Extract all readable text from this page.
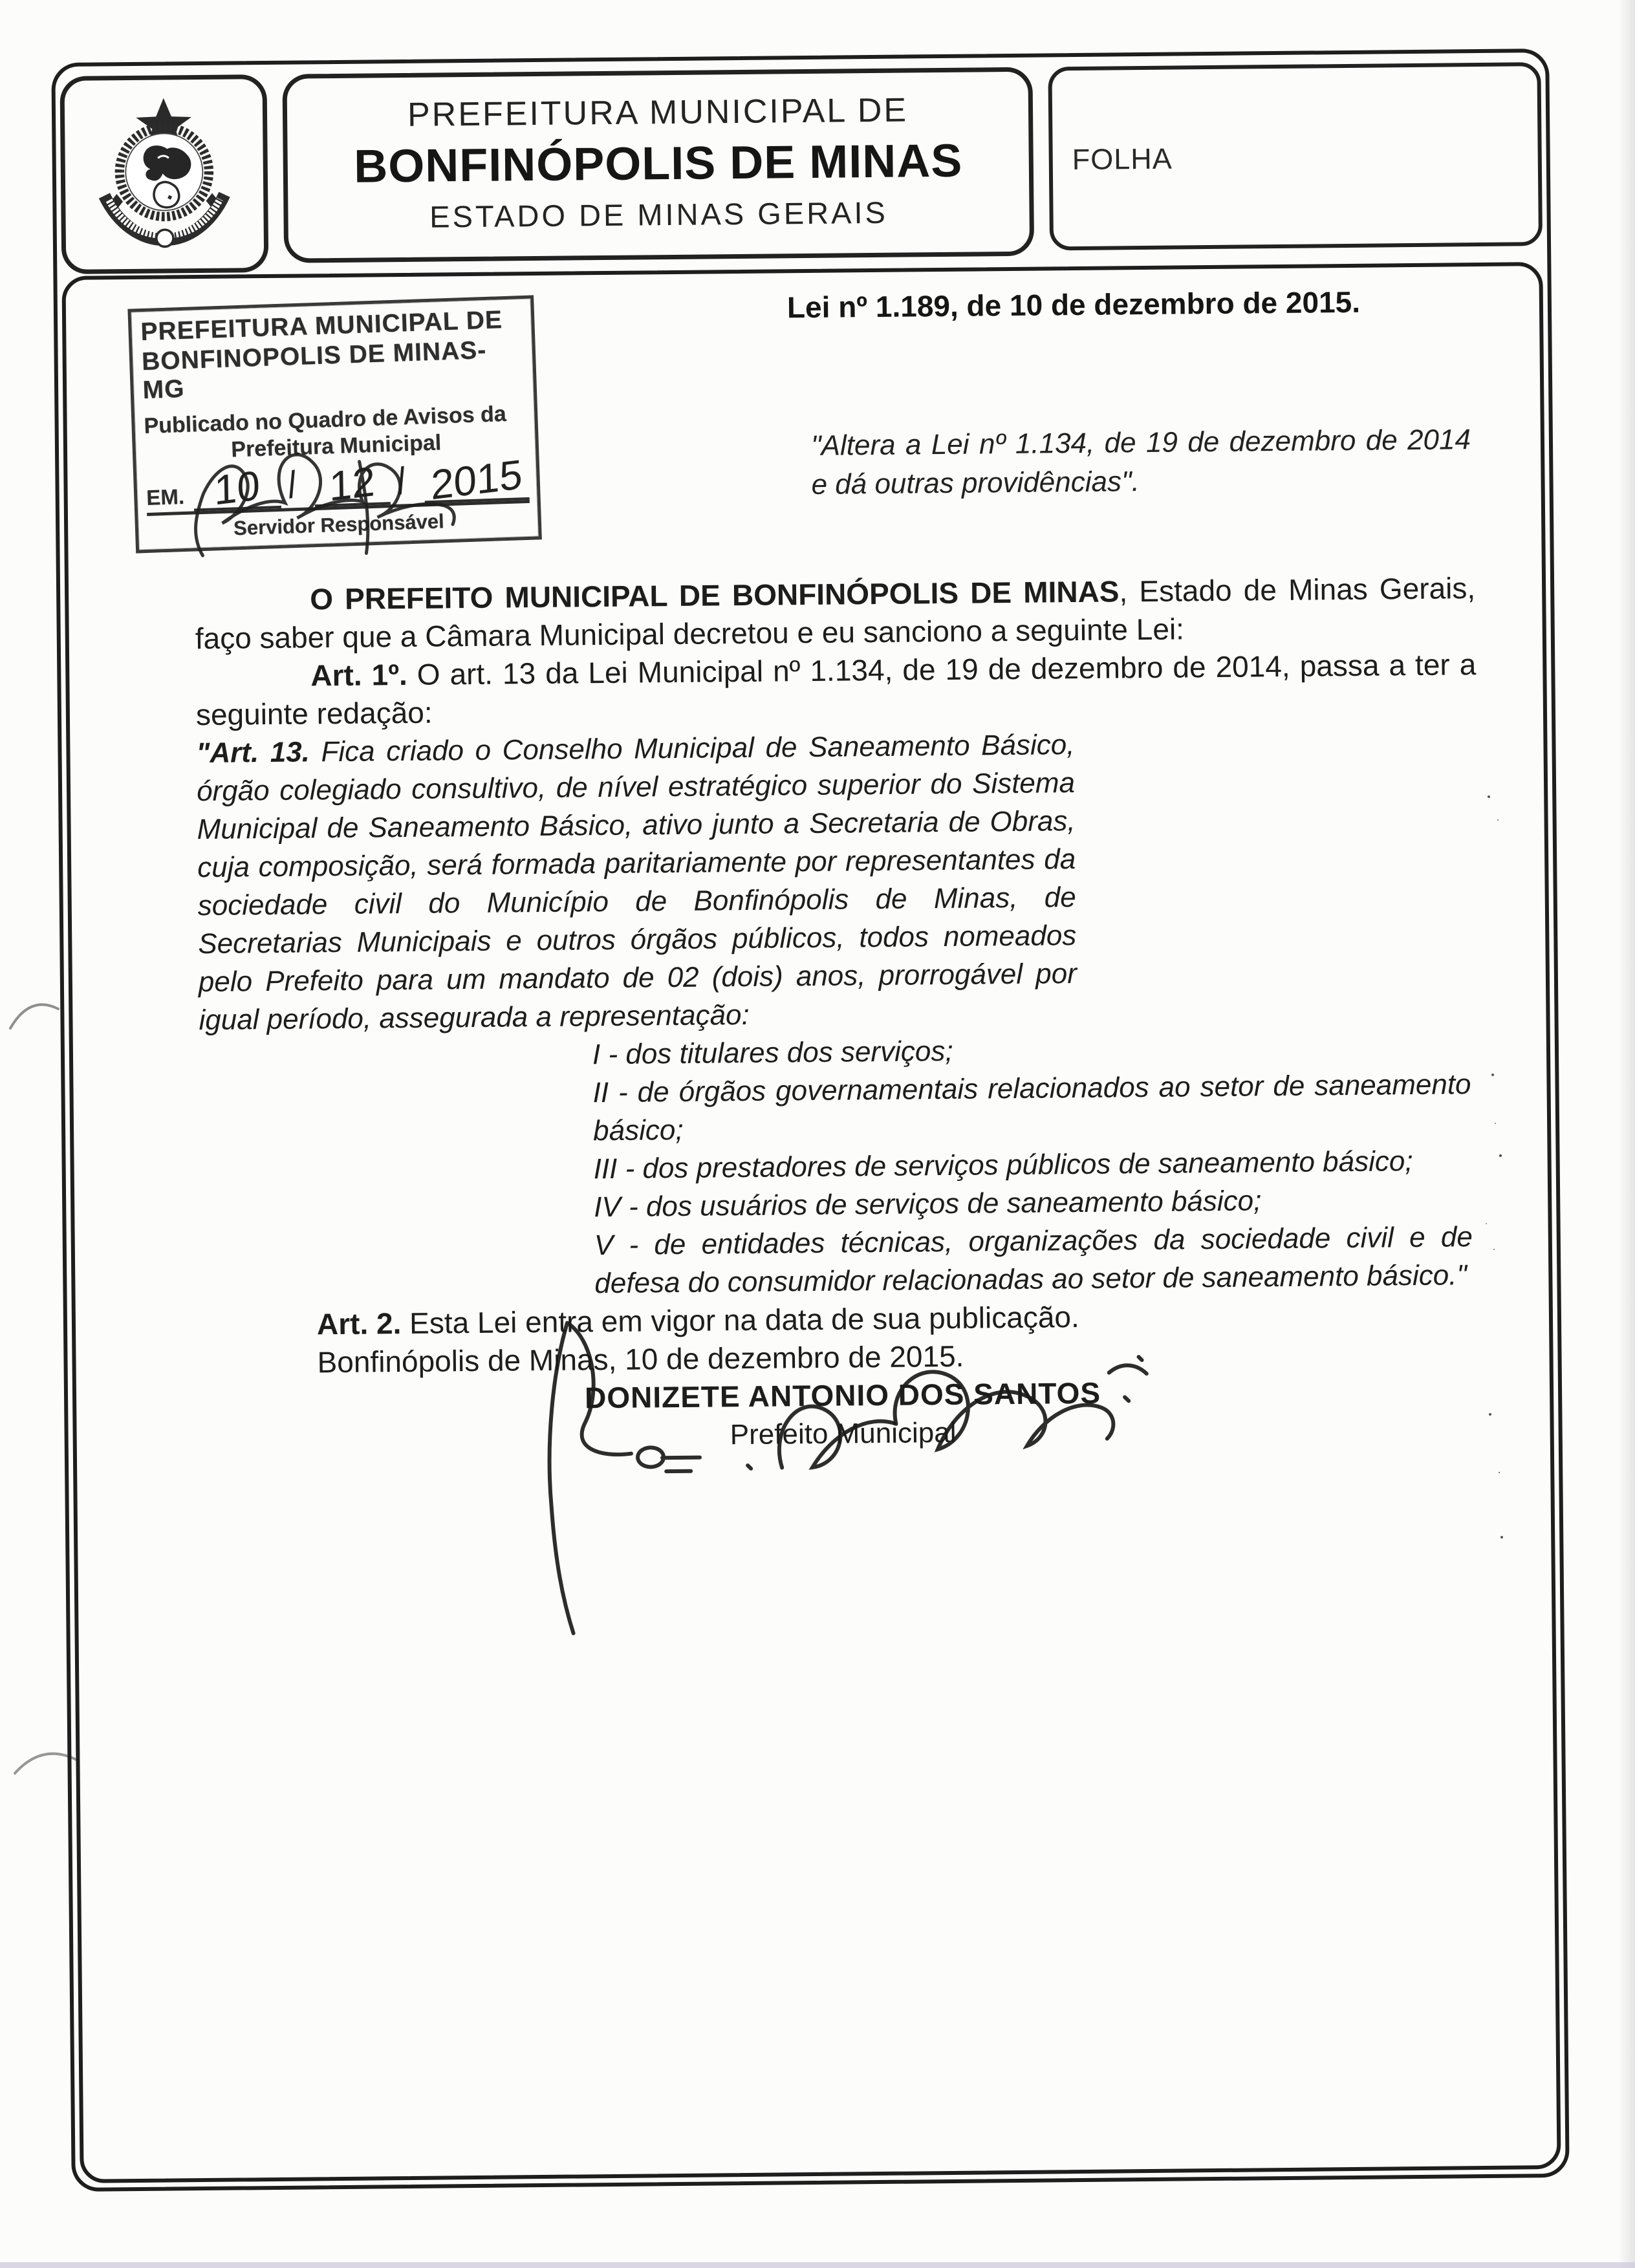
PREFEITURA MUNICIPAL DE

BONFINÓPOLIS DE MINAS

ESTADO DE MINAS GERAIS

FOLHA
PREFEITURA MUNICIPAL DE
BONFINOPOLIS DE MINAS-MG
Publicado no Quadro de Avisos da
Prefeitura Municipal
EM. 10 / 12 / 2015
Servidor Responsável
Lei nº 1.189, de 10 de dezembro de 2015.
"Altera a Lei nº 1.134, de 19 de dezembro de 2014 e dá outras providências".

O PREFEITO MUNICIPAL DE BONFINÓPOLIS DE MINAS, Estado de Minas Gerais, faço saber que a Câmara Municipal decretou e eu sanciono a seguinte Lei:

Art. 1º. O art. 13 da Lei Municipal nº 1.134, de 19 de dezembro de 2014, passa a ter a seguinte redação:

"Art. 13. Fica criado o Conselho Municipal de Saneamento Básico, órgão colegiado consultivo, de nível estratégico superior do Sistema Municipal de Saneamento Básico, ativo junto a Secretaria de Obras, cuja composição, será formada paritariamente por representantes da sociedade civil do Município de Bonfinópolis de Minas, de Secretarias Municipais e outros órgãos públicos, todos nomeados pelo Prefeito para um mandato de 02 (dois) anos, prorrogável por igual período, assegurada a representação:

I - dos titulares dos serviços;

II - de órgãos governamentais relacionados ao setor de saneamento básico;

III - dos prestadores de serviços públicos de saneamento básico;

IV - dos usuários de serviços de saneamento básico;

V - de entidades técnicas, organizações da sociedade civil e de defesa do consumidor relacionadas ao setor de saneamento básico."

Art. 2. Esta Lei entra em vigor na data de sua publicação.

Bonfinópolis de Minas, 10 de dezembro de 2015.

DONIZETE ANTONIO DOS SANTOS

Prefeito Municipal
